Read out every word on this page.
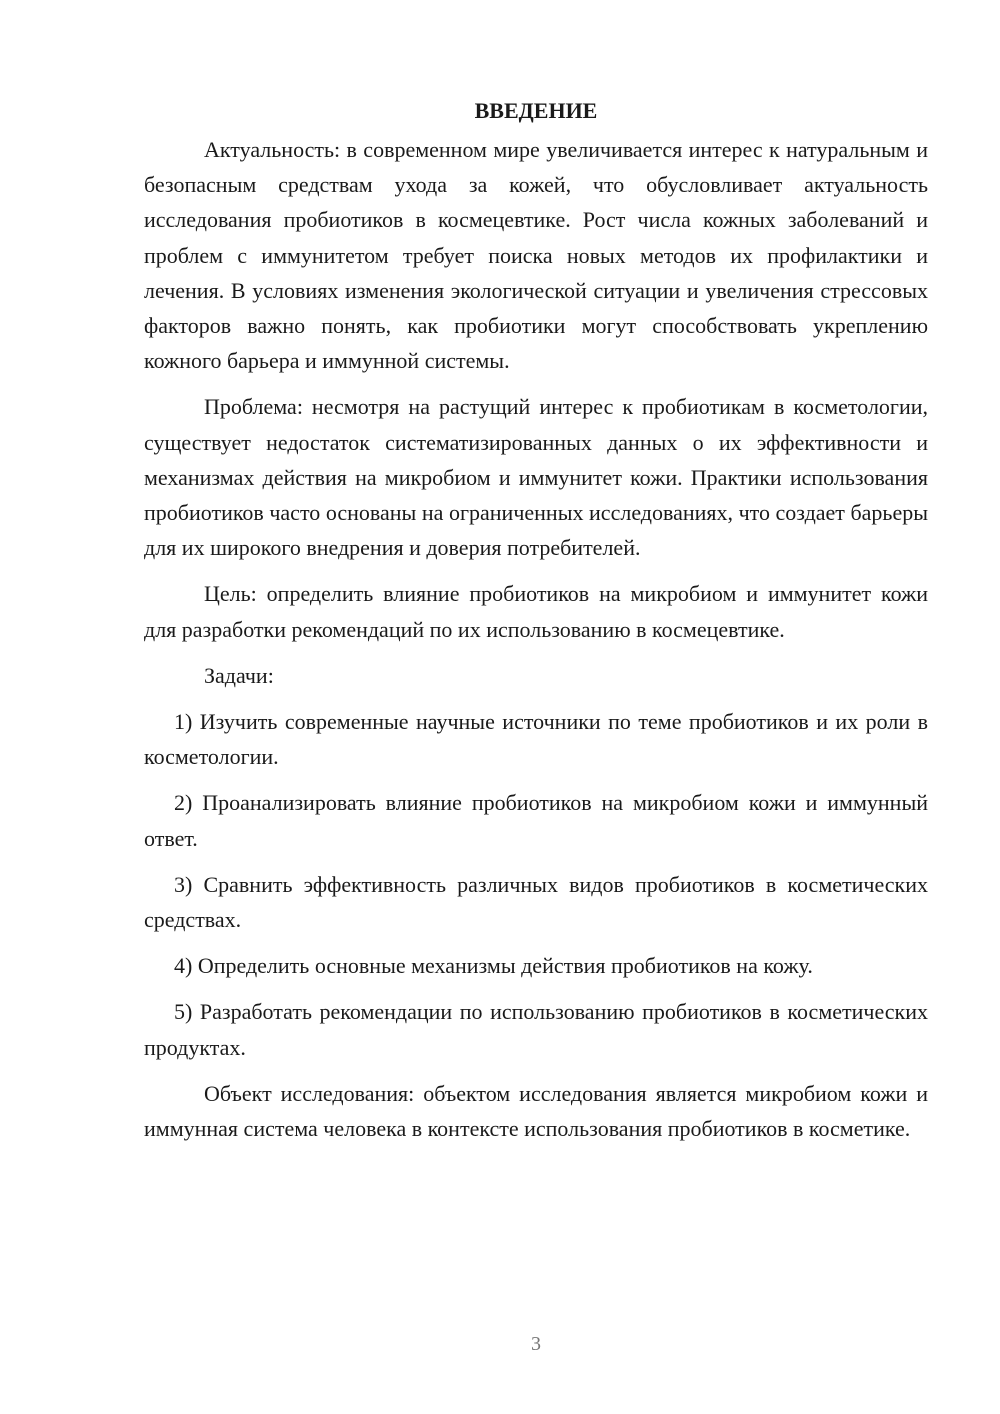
ВВЕДЕНИЕ

Актуальность: в современном мире увеличивается интерес к натуральным и безопасным средствам ухода за кожей, что обусловливает актуальность исследования пробиотиков в космецевтике. Рост числа кожных заболеваний и проблем с иммунитетом требует поиска новых методов их профилактики и лечения. В условиях изменения экологической ситуации и увеличения стрессовых факторов важно понять, как пробиотики могут способствовать укреплению кожного барьера и иммунной системы.

Проблема: несмотря на растущий интерес к пробиотикам в косметологии, существует недостаток систематизированных данных о их эффективности и механизмах действия на микробиом и иммунитет кожи. Практики использования пробиотиков часто основаны на ограниченных исследованиях, что создает барьеры для их широкого внедрения и доверия потребителей.

Цель: определить влияние пробиотиков на микробиом и иммунитет кожи для разработки рекомендаций по их использованию в космецевтике.

Задачи:

1) Изучить современные научные источники по теме пробиотиков и их роли в косметологии.

2) Проанализировать влияние пробиотиков на микробиом кожи и иммунный ответ.

3) Сравнить эффективность различных видов пробиотиков в косметических средствах.

4) Определить основные механизмы действия пробиотиков на кожу.

5) Разработать рекомендации по использованию пробиотиков в косметических продуктах.

Объект исследования: объектом исследования является микробиом кожи и иммунная система человека в контексте использования пробиотиков в косметике.

3
